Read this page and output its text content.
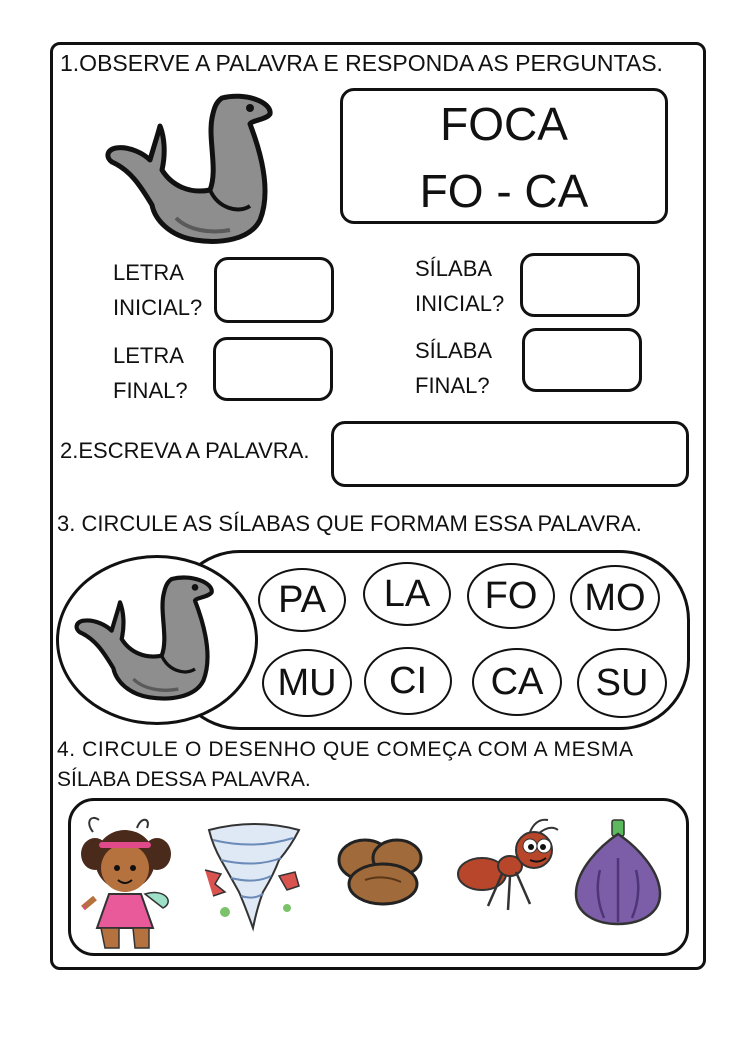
1.OBSERVE A PALAVRA E RESPONDA AS PERGUNTAS.
FOCA
FO - CA
LETRA
INICIAL?
SÍLABA
INICIAL?
LETRA
FINAL?
SÍLABA
FINAL?
2.ESCREVA A PALAVRA.
3. CIRCULE AS SÍLABAS QUE FORMAM ESSA PALAVRA.
PA	LA	FO	MO
MU	CI	CA	SU
4. CIRCULE O DESENHO QUE COMEÇA COM A MESMA
SÍLABA DESSA PALAVRA.
